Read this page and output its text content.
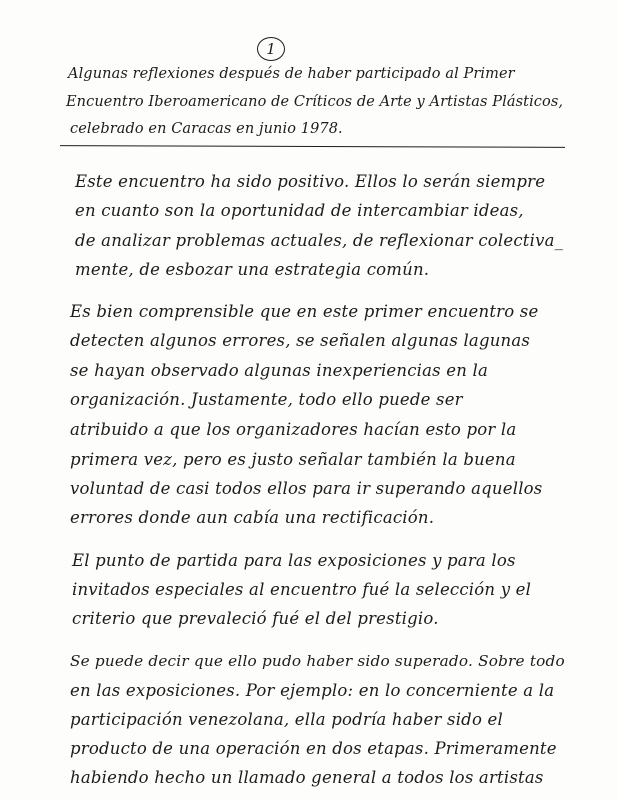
1
Algunas reflexiones después de haber participado al Primer
Encuentro Iberoamericano de Críticos de Arte y Artistas Plásticos,
celebrado en Caracas en junio 1978.
Este encuentro ha sido positivo. Ellos lo serán siempre
en cuanto son la oportunidad de intercambiar ideas,
de analizar problemas actuales, de reflexionar colectiva_
mente, de esbozar una estrategia común.
Es bien comprensible que en este primer encuentro se
detecten algunos errores, se señalen algunas lagunas
se hayan observado algunas inexperiencias en la
organización. Justamente, todo ello puede ser
atribuido a que los organizadores hacían esto por la
primera vez, pero es justo señalar también la buena
voluntad de casi todos ellos para ir superando aquellos
errores donde aun cabía una rectificación.
El punto de partida para las exposiciones y para los
invitados especiales al encuentro fué la selección y el
criterio que prevaleció fué el del prestigio.
Se puede decir que ello pudo haber sido superado. Sobre todo
en las exposiciones. Por ejemplo: en lo concerniente a la
participación venezolana, ella podría haber sido el
producto de una operación en dos etapas. Primeramente
habiendo hecho un llamado general a todos los artistas
